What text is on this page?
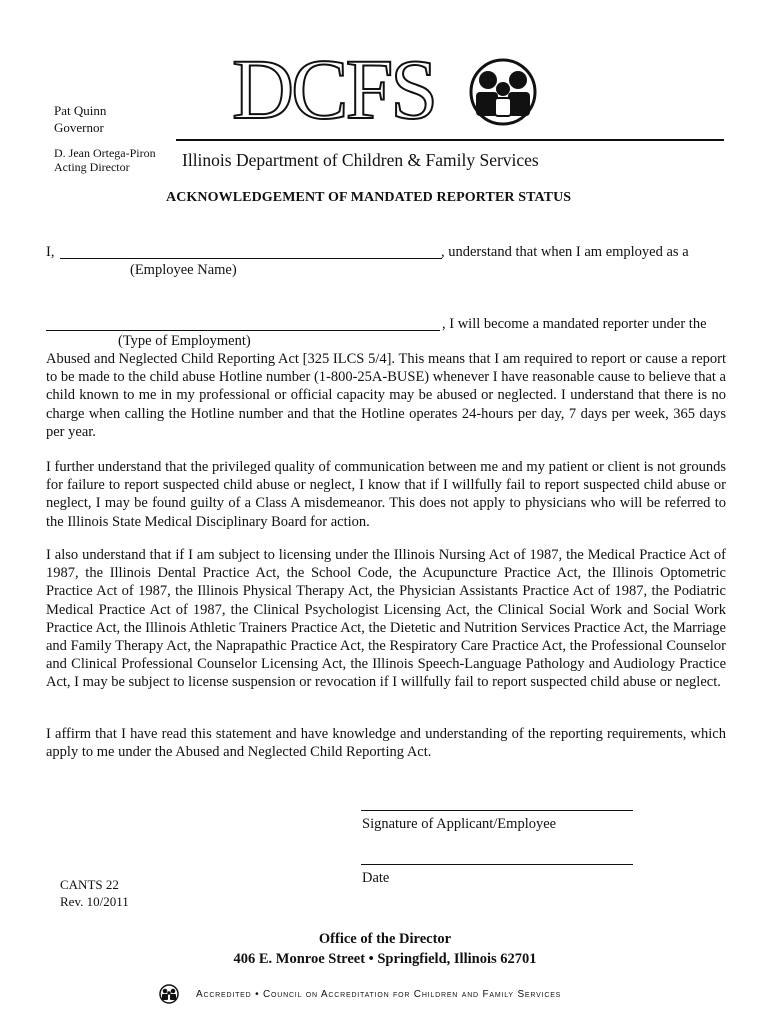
Pat Quinn
Governor
D. Jean Ortega-Piron
Acting Director
DCFS
Illinois Department of Children & Family Services
ACKNOWLEDGEMENT OF MANDATED REPORTER STATUS
I,	, understand that when I am employed as a
(Employee Name)
, I will become a mandated reporter under the
(Type of Employment)
Abused and Neglected Child Reporting Act [325 ILCS 5/4]. This means that I am required to report or cause a report to be made to the child abuse Hotline number (1-800-25A-BUSE) whenever I have reasonable cause to believe that a child known to me in my professional or official capacity may be abused or neglected. I understand that there is no charge when calling the Hotline number and that the Hotline operates 24-hours per day, 7 days per week, 365 days per year.
I further understand that the privileged quality of communication between me and my patient or client is not grounds for failure to report suspected child abuse or neglect, I know that if I willfully fail to report suspected child abuse or neglect, I may be found guilty of a Class A misdemeanor. This does not apply to physicians who will be referred to the Illinois State Medical Disciplinary Board for action.
I also understand that if I am subject to licensing under the Illinois Nursing Act of 1987, the Medical Practice Act of 1987, the Illinois Dental Practice Act, the School Code, the Acupuncture Practice Act, the Illinois Optometric Practice Act of 1987, the Illinois Physical Therapy Act, the Physician Assistants Practice Act of 1987, the Podiatric Medical Practice Act of 1987, the Clinical Psychologist Licensing Act, the Clinical Social Work and Social Work Practice Act, the Illinois Athletic Trainers Practice Act, the Dietetic and Nutrition Services Practice Act, the Marriage and Family Therapy Act, the Naprapathic Practice Act, the Respiratory Care Practice Act, the Professional Counselor and Clinical Professional Counselor Licensing Act, the Illinois Speech-Language Pathology and Audiology Practice Act, I may be subject to license suspension or revocation if I willfully fail to report suspected child abuse or neglect.
I affirm that I have read this statement and have knowledge and understanding of the reporting requirements, which apply to me under the Abused and Neglected Child Reporting Act.
Signature of Applicant/Employee
Date
CANTS 22
Rev. 10/2011
Office of the Director
406 E. Monroe Street • Springfield, Illinois 62701
Accredited • Council on Accreditation for Children and Family Services
